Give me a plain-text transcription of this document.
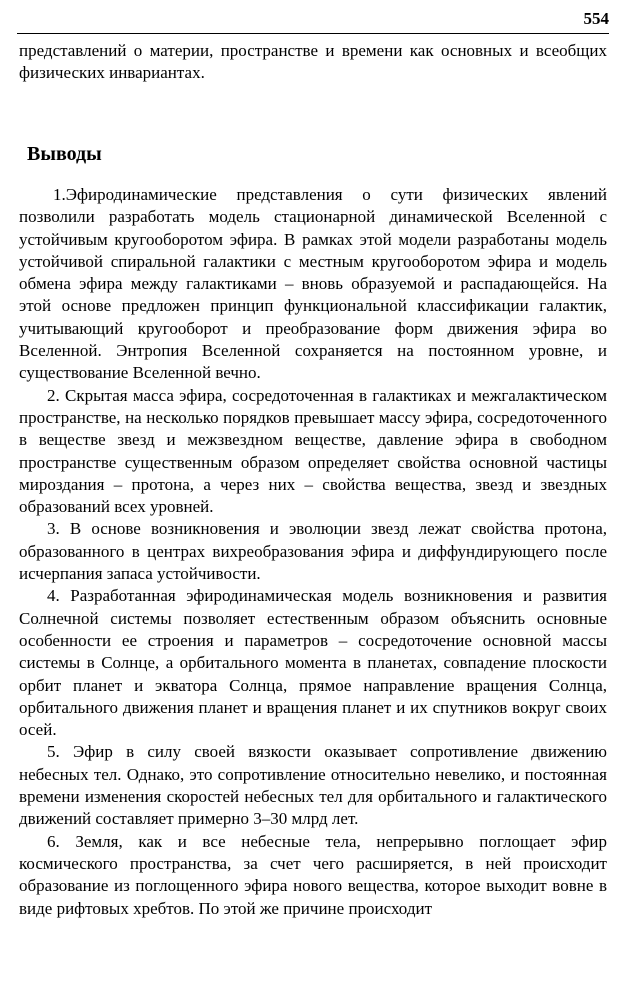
554

представлений о материи, пространстве и времени как основных и всеобщих физических инвариантах.

Выводы

1.Эфиродинамические представления о сути физических явлений позволили разработать модель стационарной динамической Вселенной с устойчивым кругооборотом эфира. В рамках этой модели разработаны модель устойчивой спиральной галактики с местным кругооборотом эфира и модель обмена эфира между галактиками – вновь образуемой и распадающейся. На этой основе предложен принцип функциональной классификации галактик, учитывающий кругооборот и преобразование форм движения эфира во Вселенной. Энтропия Вселенной сохраняется на постоянном уровне, и существование Вселенной вечно.

2. Скрытая масса эфира, сосредоточенная в галактиках и межгалактическом пространстве, на несколько порядков превышает массу эфира, сосредоточенного в веществе звезд и межзвездном веществе, давление эфира в свободном пространстве существенным образом определяет свойства основной частицы мироздания – протона, а через них – свойства вещества, звезд и звездных образований всех уровней.

3. В основе возникновения и эволюции звезд лежат свойства протона, образованного в центрах вихреобразования эфира и диффундирующего после исчерпания запаса устойчивости.

4. Разработанная эфиродинамическая модель возникновения и развития Солнечной системы позволяет естественным образом объяснить основные особенности ее строения и параметров – сосредоточение основной массы системы в Солнце, а орбитального момента в планетах, совпадение плоскости орбит планет и экватора Солнца, прямое направление вращения Солнца, орбитального движения планет и вращения планет и их спутников вокруг своих осей.

5. Эфир в силу своей вязкости оказывает сопротивление движению небесных тел. Однако, это сопротивление относительно невелико, и постоянная времени изменения скоростей небесных тел для орбитального и галактического движений составляет примерно 3–30 млрд лет.

6. Земля, как и все небесные тела, непрерывно поглощает эфир космического пространства, за счет чего расширяется, в ней происходит образование из поглощенного эфира нового вещества, которое выходит вовне в виде рифтовых хребтов. По этой же причине происходит
